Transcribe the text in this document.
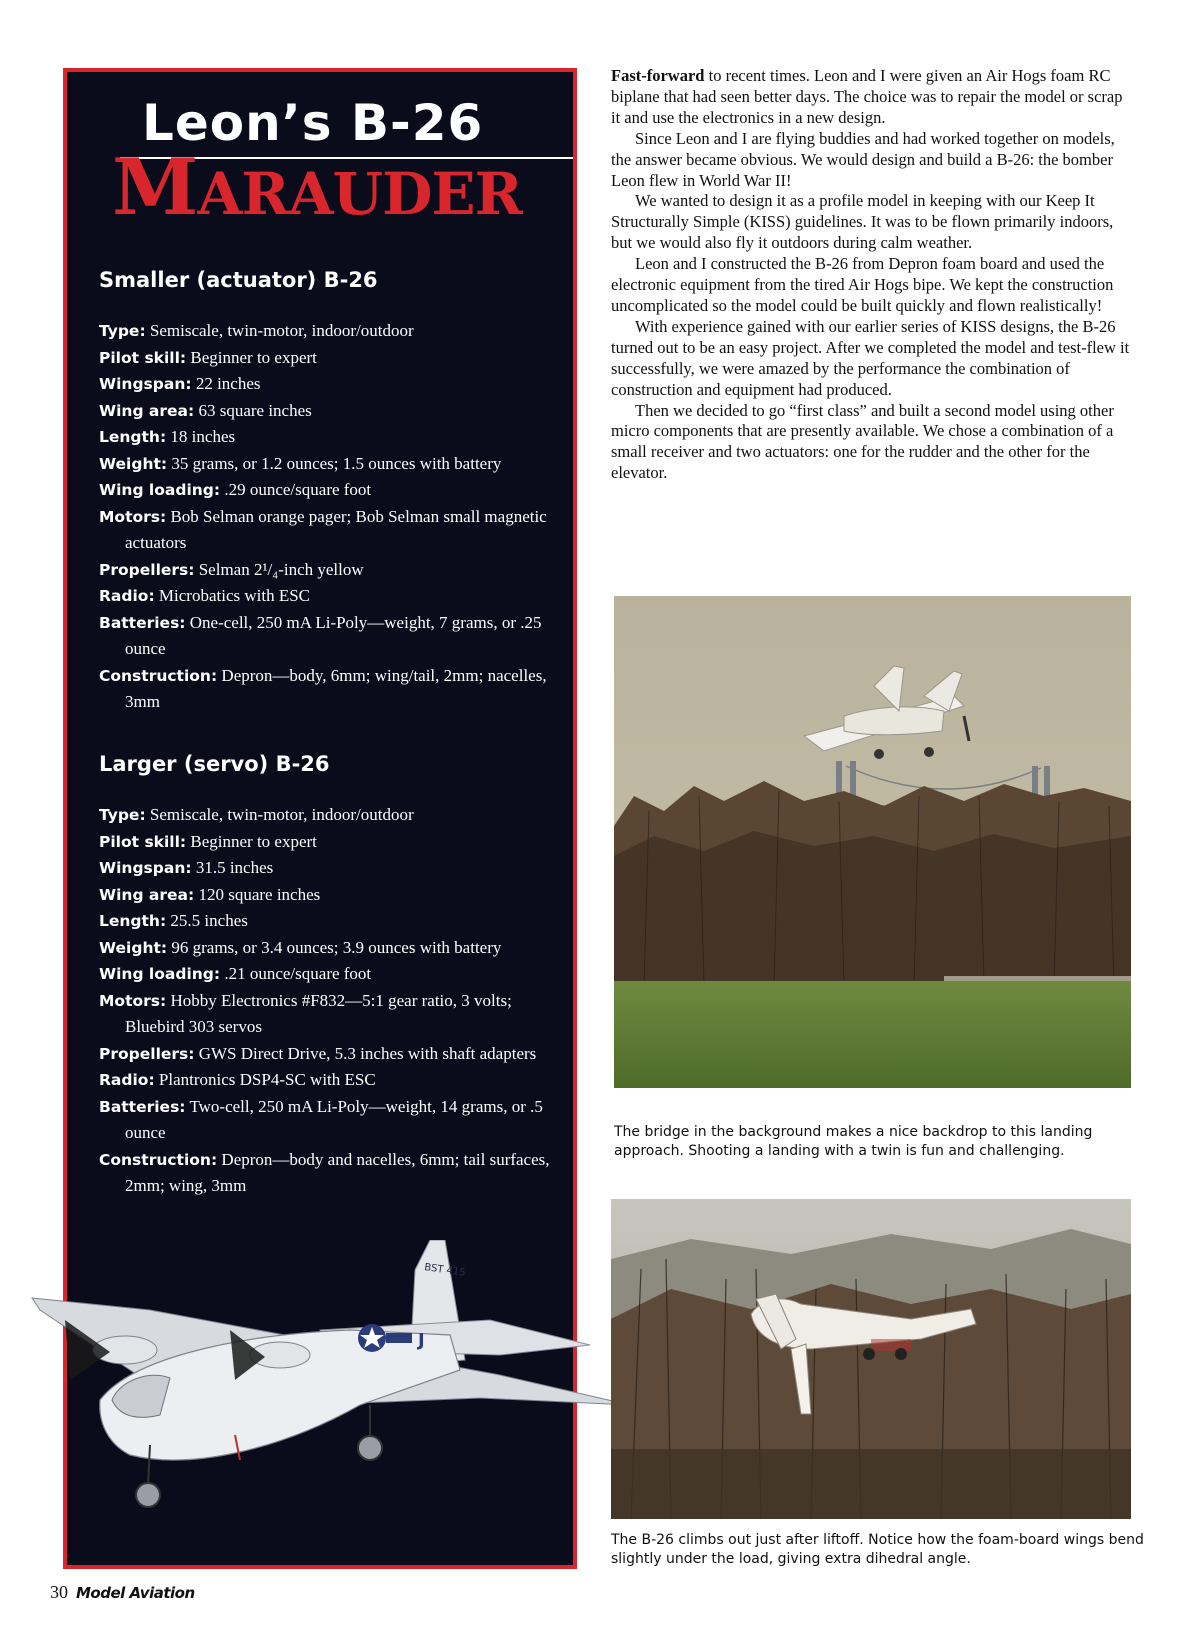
Leon’s B-26
MARAUDER
Smaller (actuator) B-26
Type: Semiscale, twin-motor, indoor/outdoor
Pilot skill: Beginner to expert
Wingspan: 22 inches
Wing area: 63 square inches
Length: 18 inches
Weight: 35 grams, or 1.2 ounces; 1.5 ounces with battery
Wing loading: .29 ounce/square foot
Motors: Bob Selman orange pager; Bob Selman small magnetic actuators
Propellers: Selman 2¹/₄-inch yellow
Radio: Microbatics with ESC
Batteries: One-cell, 250 mA Li-Poly—weight, 7 grams, or .25 ounce
Construction: Depron—body, 6mm; wing/tail, 2mm; nacelles, 3mm
Larger (servo) B-26
Type: Semiscale, twin-motor, indoor/outdoor
Pilot skill: Beginner to expert
Wingspan: 31.5 inches
Wing area: 120 square inches
Length: 25.5 inches
Weight: 96 grams, or 3.4 ounces; 3.9 ounces with battery
Wing loading: .21 ounce/square foot
Motors: Hobby Electronics #F832—5:1 gear ratio, 3 volts; Bluebird 303 servos
Propellers: GWS Direct Drive, 5.3 inches with shaft adapters
Radio: Plantronics DSP4-SC with ESC
Batteries: Two-cell, 250 mA Li-Poly—weight, 14 grams, or .5 ounce
Construction: Depron—body and nacelles, 6mm; tail surfaces, 2mm; wing, 3mm
BST 415
J

Fast-forward to recent times. Leon and I were given an Air Hogs foam RC biplane that had seen better days. The choice was to repair the model or scrap it and use the electronics in a new design.

Since Leon and I are flying buddies and had worked together on models, the answer became obvious. We would design and build a B-26: the bomber Leon flew in World War II!

We wanted to design it as a profile model in keeping with our Keep It Structurally Simple (KISS) guidelines. It was to be flown primarily indoors, but we would also fly it outdoors during calm weather.

Leon and I constructed the B-26 from Depron foam board and used the electronic equipment from the tired Air Hogs bipe. We kept the construction uncomplicated so the model could be built quickly and flown realistically!

With experience gained with our earlier series of KISS designs, the B-26 turned out to be an easy project. After we completed the model and test-flew it successfully, we were amazed by the performance the combination of construction and equipment had produced.

Then we decided to go “first class” and built a second model using other micro components that are presently available. We chose a combination of a small receiver and two actuators: one for the rudder and the other for the elevator.

The bridge in the background makes a nice backdrop to this landing approach. Shooting a landing with a twin is fun and challenging.
The B-26 climbs out just after liftoff. Notice how the foam-board wings bend slightly under the load, giving extra dihedral angle.
30 Model Aviation
